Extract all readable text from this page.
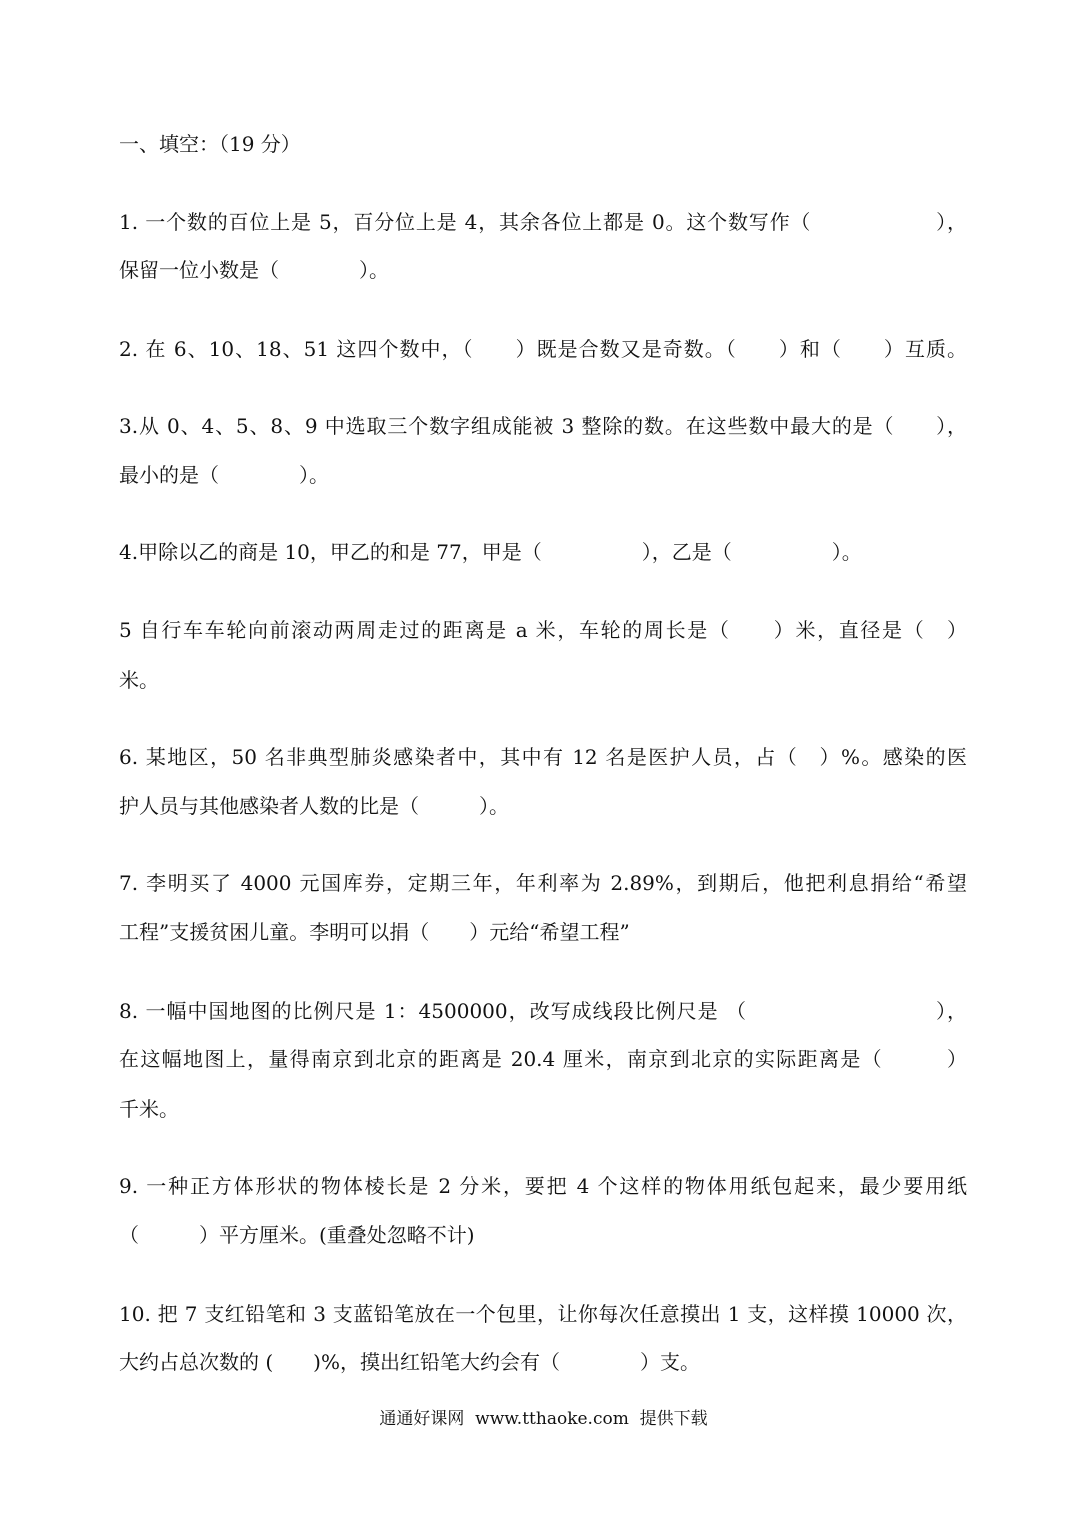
一、填空：（19 分）
1. 一个数的百位上是 5，百分位上是 4，其余各位上都是 0。这个数写作（　　　　　　），
保留一位小数是（　　　　）。
2. 在 6、10、18、51 这四个数中，（　　）既是合数又是奇数。（　　）和（　　）互质。
3.从 0、4、5、8、9 中选取三个数字组成能被 3 整除的数。在这些数中最大的是（　　），
最小的是（　　　　）。
4.甲除以乙的商是 10，甲乙的和是 77，甲是（　　　　　），乙是（　　　　　）。
5 自行车车轮向前滚动两周走过的距离是 a 米，车轮的周长是（　　）米，直径是（　）
米。
6. 某地区，50 名非典型肺炎感染者中，其中有 12 名是医护人员，占（　）%。感染的医
护人员与其他感染者人数的比是（　　　）。
7. 李明买了 4000 元国库券，定期三年，年利率为 2.89%，到期后，他把利息捐给“希望
工程”支援贫困儿童。李明可以捐（　　）元给“希望工程”
8. 一幅中国地图的比例尺是 1：4500000，改写成线段比例尺是 （　　　　　　　　　），
在这幅地图上，量得南京到北京的距离是 20.4 厘米，南京到北京的实际距离是（　　　）
千米。
9. 一种正方体形状的物体棱长是 2 分米，要把 4 个这样的物体用纸包起来，最少要用纸
（　　　）平方厘米。(重叠处忽略不计)
10. 把 7 支红铅笔和 3 支蓝铅笔放在一个包里，让你每次任意摸出 1 支，这样摸 10000 次，
大约占总次数的 (　　)%，摸出红铅笔大约会有（　　　　）支。
通通好课网  www.tthaoke.com  提供下载
